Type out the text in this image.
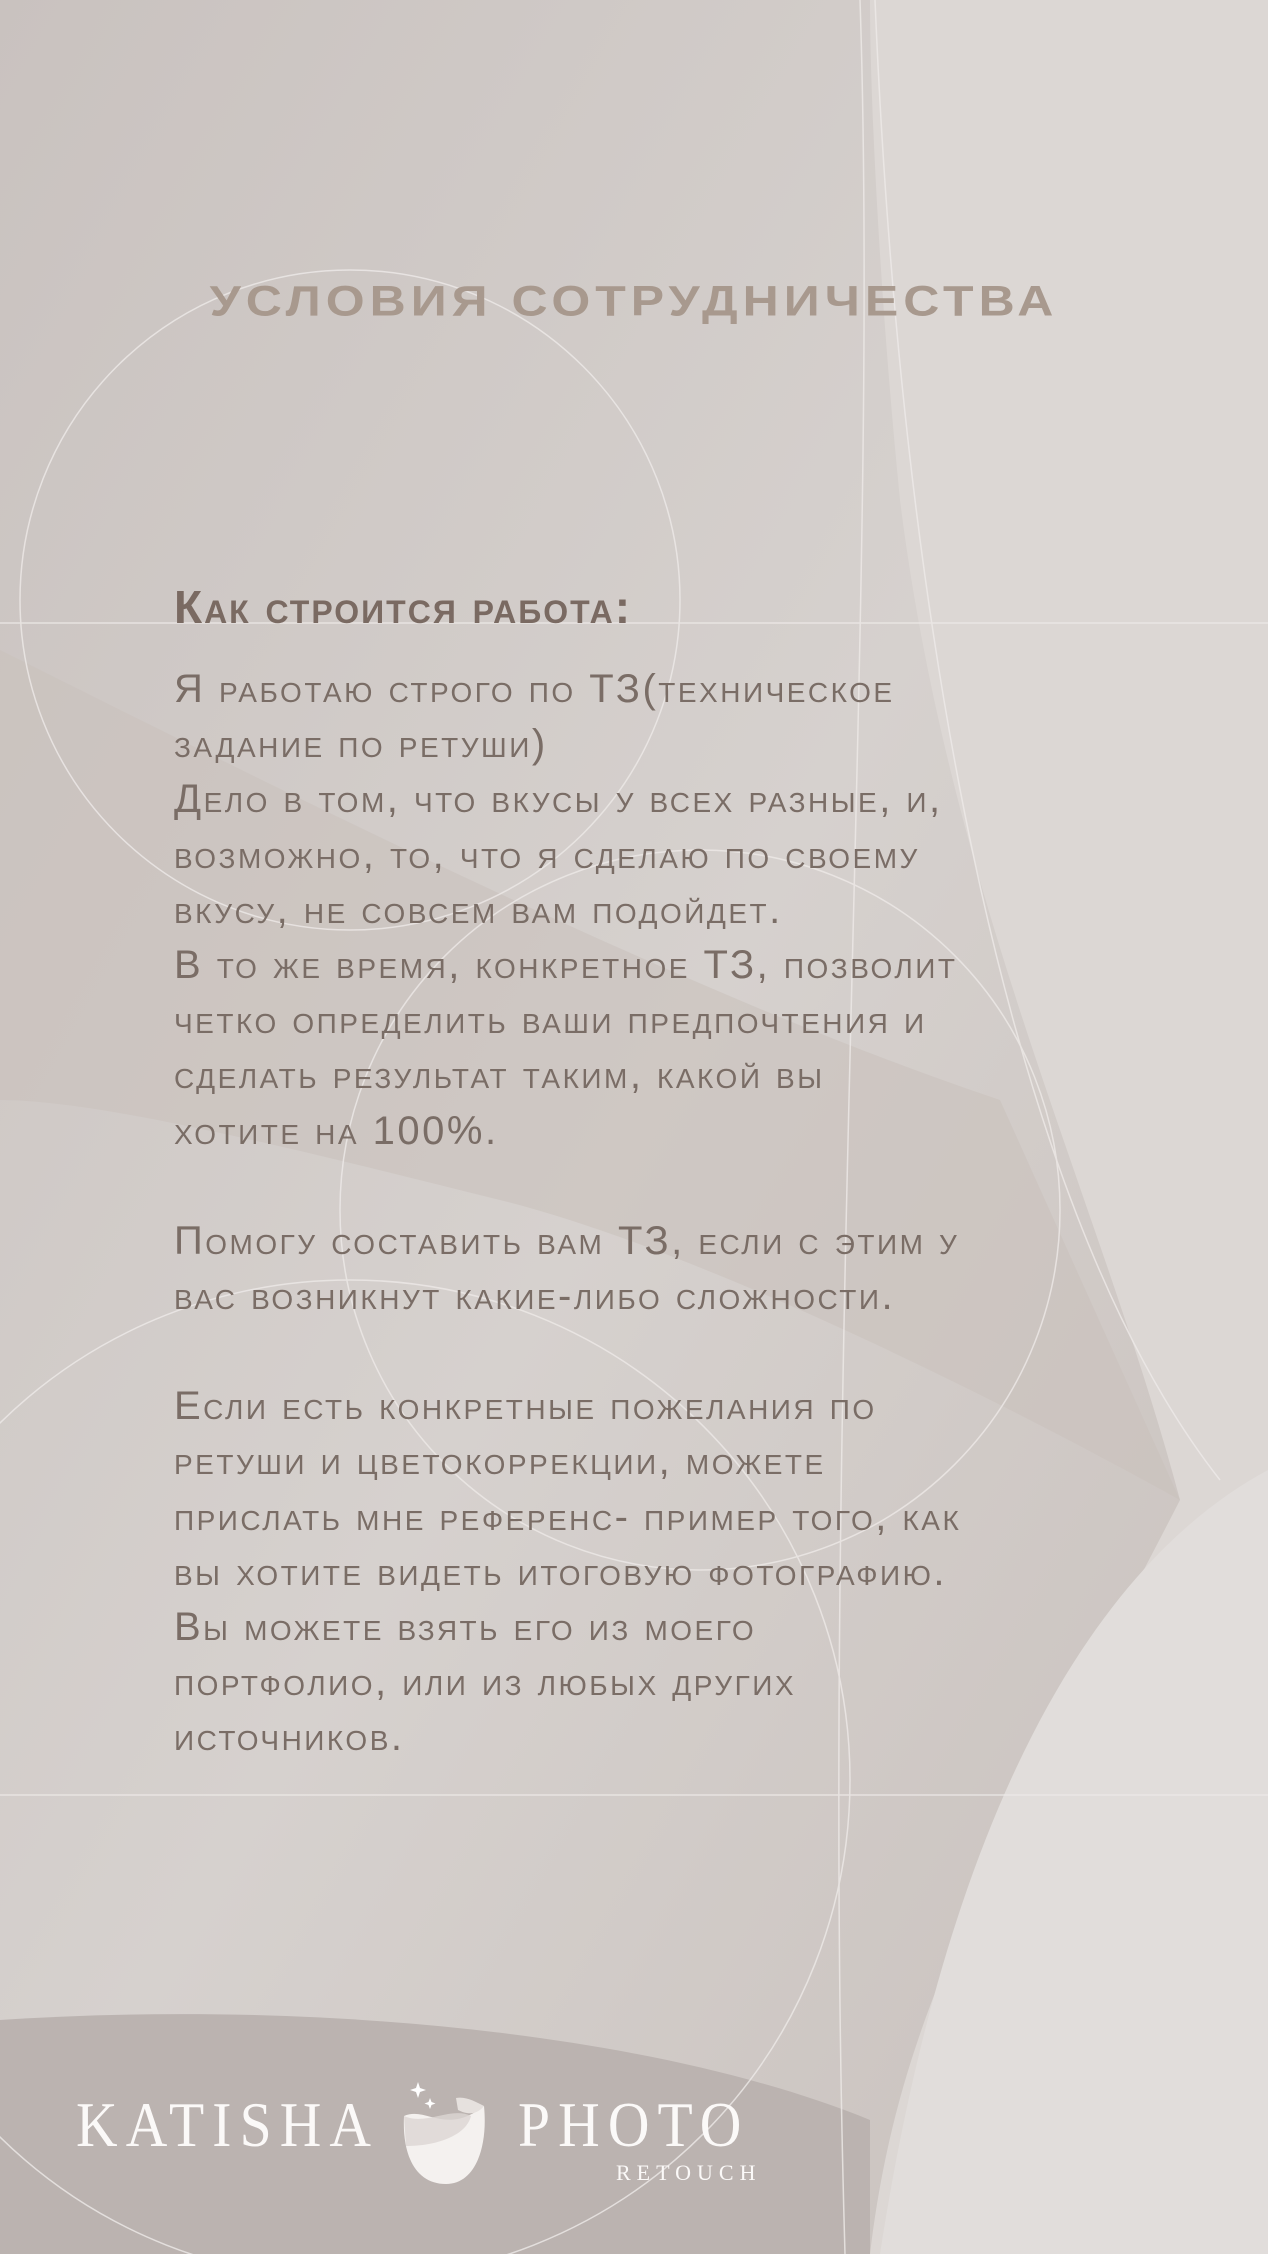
УСЛОВИЯ СОТРУДНИЧЕСТВА
Как строится работа:
Я работаю строго по ТЗ(техническое
задание по ретуши)
Дело в том, что вкусы у всех разные, и,
возможно, то, что я сделаю по своему
вкусу, не совсем вам подойдет.
В то же время, конкретное ТЗ, позволит
четко определить ваши предпочтения и
сделать результат таким, какой вы
хотите на 100%.
Помогу составить вам ТЗ, если с этим у
вас возникнут какие-либо сложности.
Если есть конкретные пожелания по
ретуши и цветокоррекции, можете
прислать мне референс- пример того, как
вы хотите видеть итоговую фотографию.
Вы можете взять его из моего
портфолио, или из любых других
источников.
KATISHA PHOTO
RETOUCH
